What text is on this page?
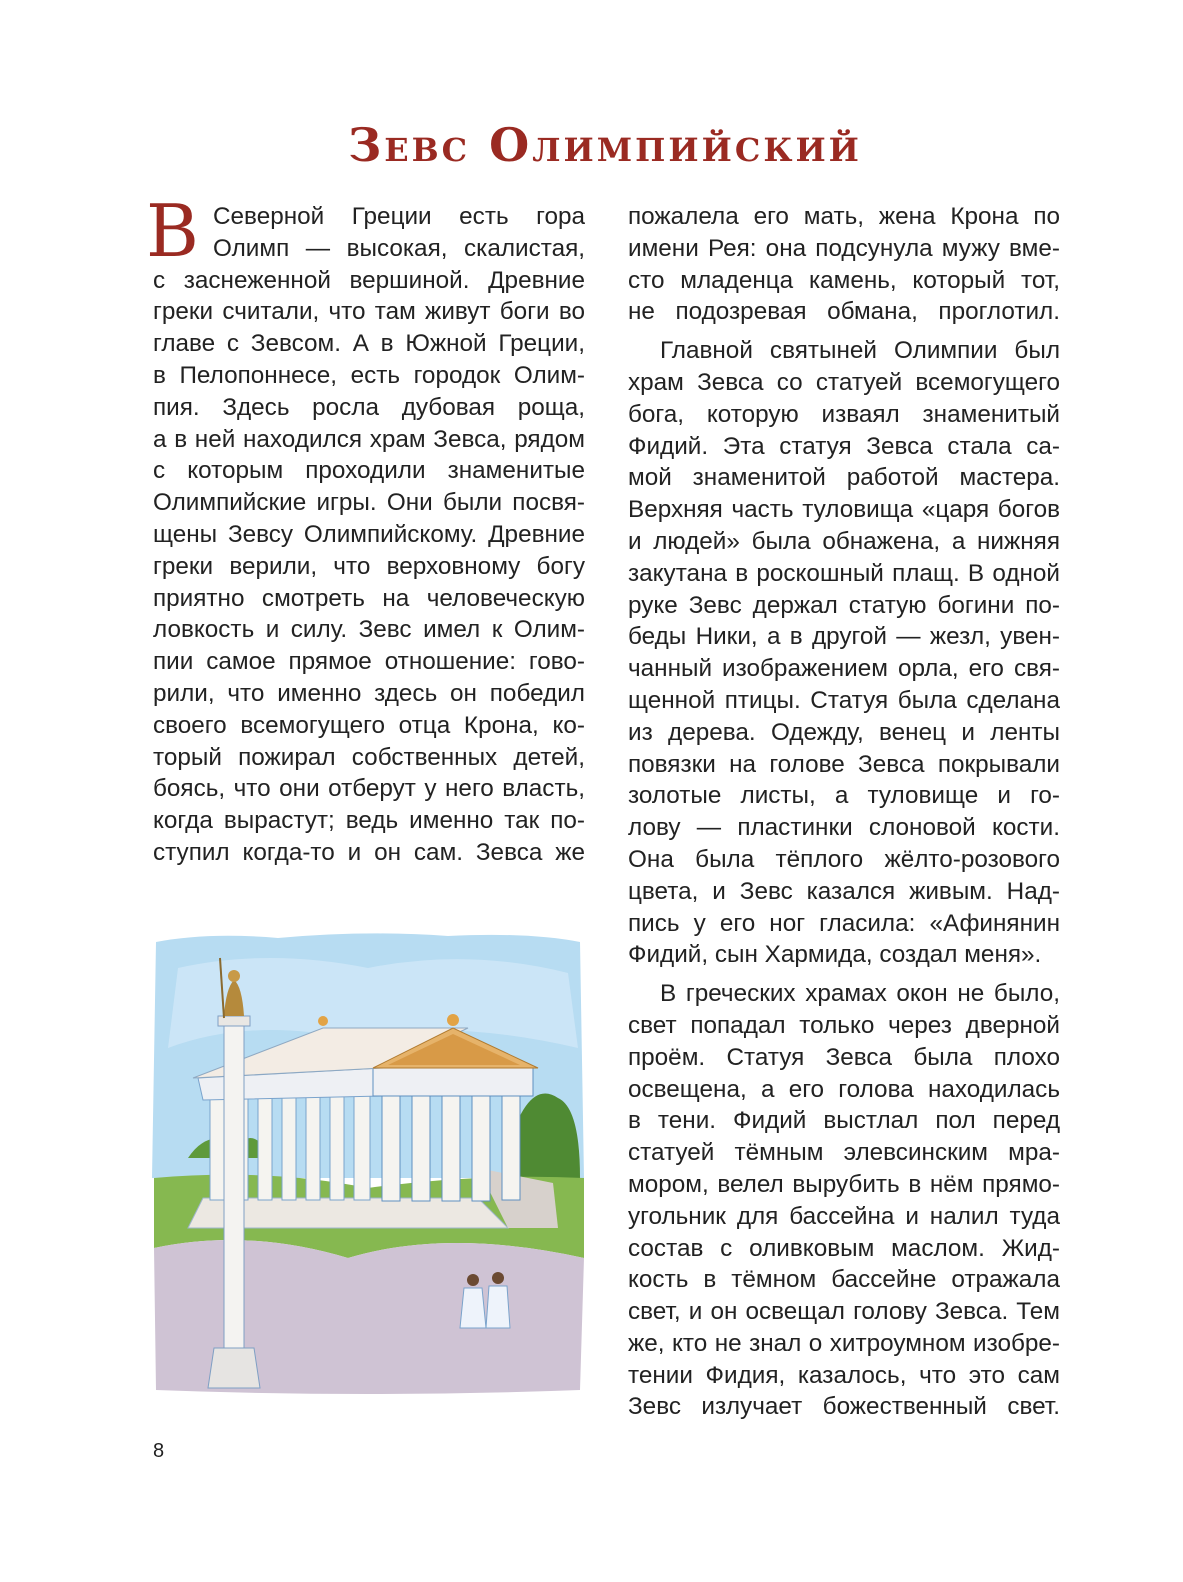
Зевс Олимпийский
В Северной Греции есть гора
Олимп — высокая, скалистая,
с заснеженной вершиной. Древние
греки считали, что там живут боги во
главе с Зевсом. А в Южной Греции,
в Пелопоннесе, есть городок Олим-
пия. Здесь росла дубовая роща,
а в ней находился храм Зевса, рядом
с которым проходили знаменитые
Олимпийские игры. Они были посвя-
щены Зевсу Олимпийскому. Древние
греки верили, что верховному богу
приятно смотреть на человеческую
ловкость и силу. Зевс имел к Олим-
пии самое прямое отношение: гово-
рили, что именно здесь он победил
своего всемогущего отца Крона, ко-
торый пожирал собственных детей,
боясь, что они отберут у него власть,
когда вырастут; ведь именно так по-
ступил когда-то и он сам. Зевса же
пожалела его мать, жена Крона по
имени Рея: она подсунула мужу вме-
сто младенца камень, который тот,
не подозревая обмана, проглотил.
Главной святыней Олимпии был
храм Зевса со статуей всемогущего
бога, которую изваял знаменитый
Фидий. Эта статуя Зевса стала са-
мой знаменитой работой мастера.
Верхняя часть туловища «царя богов
и людей» была обнажена, а нижняя
закутана в роскошный плащ. В одной
руке Зевс держал статую богини по-
беды Ники, а в другой — жезл, увен-
чанный изображением орла, его свя-
щенной птицы. Статуя была сделана
из дерева. Одежду, венец и ленты
повязки на голове Зевса покрывали
золотые листы, а туловище и го-
лову — пластинки слоновой кости.
Она была тёплого жёлто-розового
цвета, и Зевс казался живым. Над-
пись у его ног гласила: «Афинянин
Фидий, сын Хармида, создал меня».
В греческих храмах окон не было,
свет попадал только через дверной
проём. Статуя Зевса была плохо
освещена, а его голова находилась
в тени. Фидий выстлал пол перед
статуей тёмным элевсинским мра-
мором, велел вырубить в нём прямо-
угольник для бассейна и налил туда
состав с оливковым маслом. Жид-
кость в тёмном бассейне отражала
свет, и он освещал голову Зевса. Тем
же, кто не знал о хитроумном изобре-
тении Фидия, казалось, что это сам
Зевс излучает божественный свет.
8
